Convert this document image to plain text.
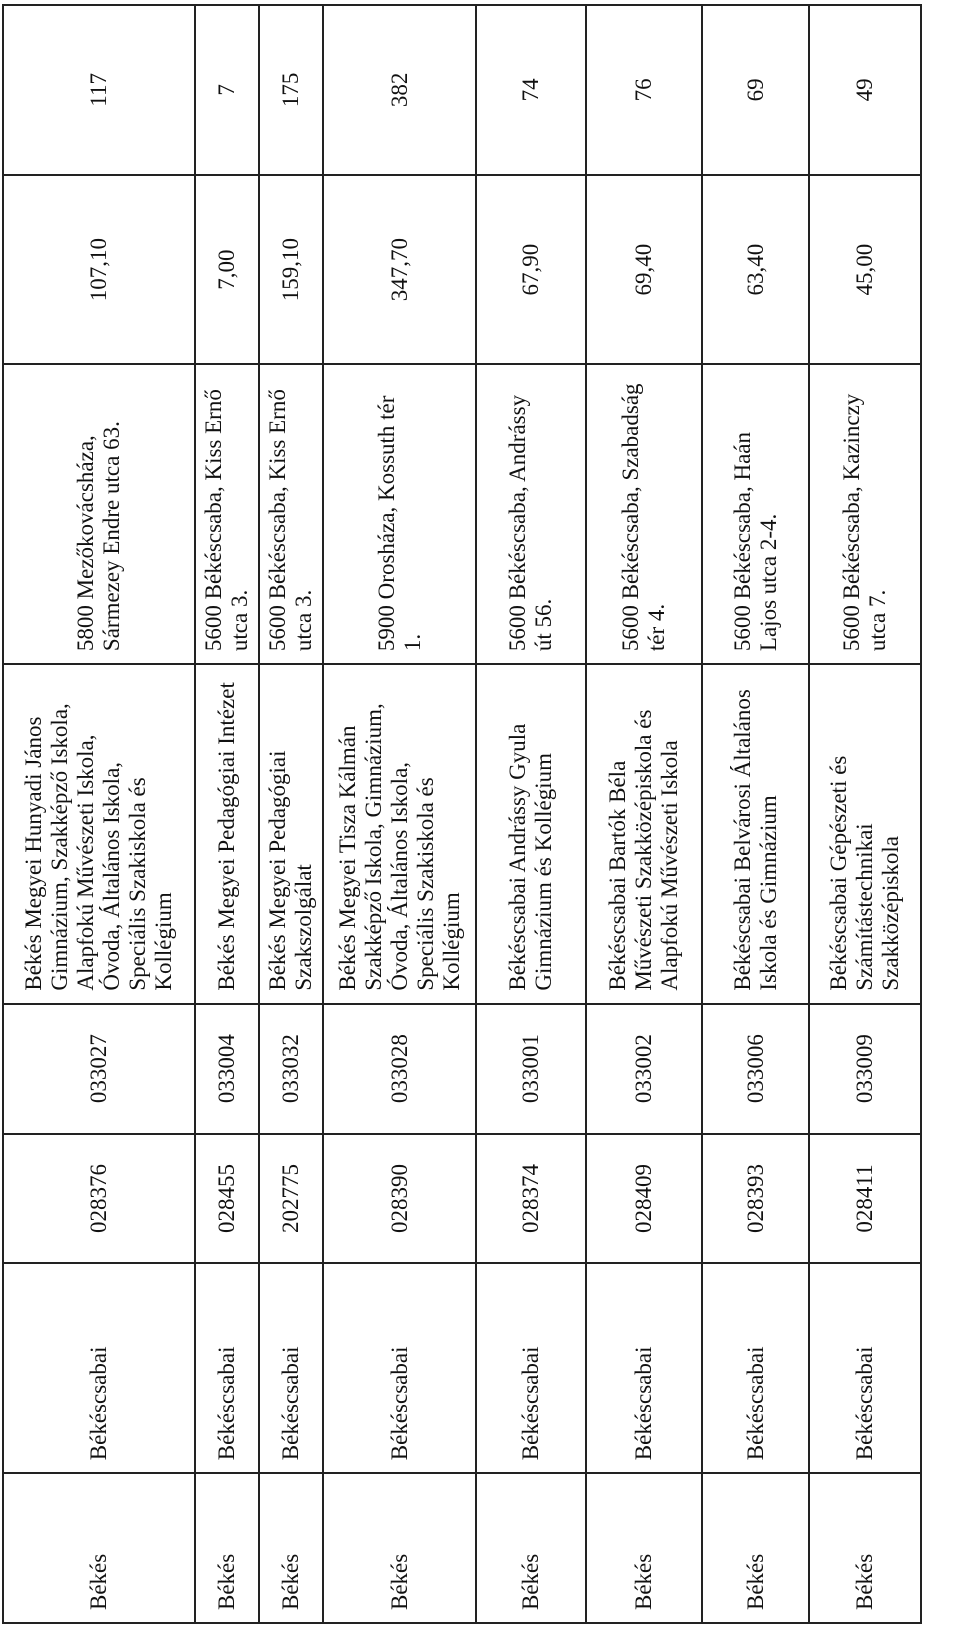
Békés	Békéscsabai	028376	033027	Békés Megyei Hunyadi János Gimnázium, Szakképző Iskola, Alapfokú Művészeti Iskola, Óvoda, Általános Iskola, Speciális Szakiskola és Kollégium	5800 Mezőkovácsháza, Sármezey Endre utca 63.	107,10	117
Békés	Békéscsabai	028455	033004	Békés Megyei Pedagógiai Intézet	5600 Békéscsaba, Kiss Ernő utca 3.	7,00	7
Békés	Békéscsabai	202775	033032	Békés Megyei Pedagógiai Szakszolgálat	5600 Békéscsaba, Kiss Ernő utca 3.	159,10	175
Békés	Békéscsabai	028390	033028	Békés Megyei Tisza Kálmán Szakképző Iskola, Gimnázium, Óvoda, Általános Iskola, Speciális Szakiskola és Kollégium	5900 Orosháza, Kossuth tér 1.	347,70	382
Békés	Békéscsabai	028374	033001	Békéscsabai Andrássy Gyula Gimnázium és Kollégium	5600 Békéscsaba, Andrássy út 56.	67,90	74
Békés	Békéscsabai	028409	033002	Békéscsabai Bartók Béla Művészeti Szakközépiskola és Alapfokú Művészeti Iskola	5600 Békéscsaba, Szabadság tér 4.	69,40	76
Békés	Békéscsabai	028393	033006	Békéscsabai Belvárosi Általános Iskola és Gimnázium	5600 Békéscsaba, Haán Lajos utca 2-4.	63,40	69
Békés	Békéscsabai	028411	033009	Békéscsabai Gépészeti és Számítástechnikai Szakközépiskola	5600 Békéscsaba, Kazinczy utca 7.	45,00	49
